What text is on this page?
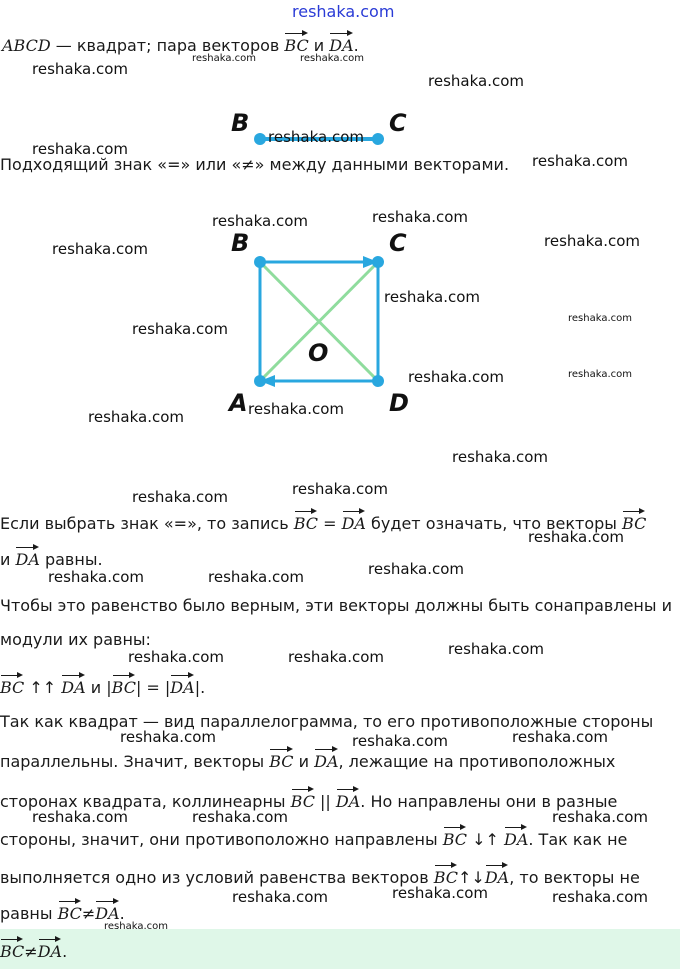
reshaka.com
ABCD — квадрат; пара векторов BC и DA.
B	C
Подходящий знак «=» или «≠» между данными векторами.
B	C
A	D
O
Если выбрать знак «=», то запись BC = DA будет означать, что векторы BC
и DA равны.
Чтобы это равенство было верным, эти векторы должны быть сонаправлены и
модули их равны:
BC ↑↑ DA и |BC| = |DA|.
Так как квадрат — вид параллелограмма, то его противоположные стороны
параллельны. Значит, векторы BC и DA, лежащие на противоположных
сторонах квадрата, коллинеарны BC || DA. Но направлены они в разные
стороны, значит, они противоположно направлены BC ↓↑ DA. Так как не
выполняется одно из условий равенства векторов BC↑↓DA, то векторы не
равны BC≠DA.
BC≠DA.
reshaka.com	reshaka.com
reshaka.com
reshaka.com
reshaka.com
reshaka.com
reshaka.com
reshaka.com	reshaka.com
reshaka.com	reshaka.com
reshaka.com
reshaka.com
reshaka.com
reshaka.com
reshaka.com
reshaka.com
reshaka.com
reshaka.com
reshaka.com
reshaka.com
reshaka.com
reshaka.com
reshaka.com	reshaka.com
reshaka.com
reshaka.com	reshaka.com
reshaka.com	reshaka.com
reshaka.com
reshaka.com	reshaka.com	reshaka.com
reshaka.com
reshaka.com	reshaka.com
reshaka.com
